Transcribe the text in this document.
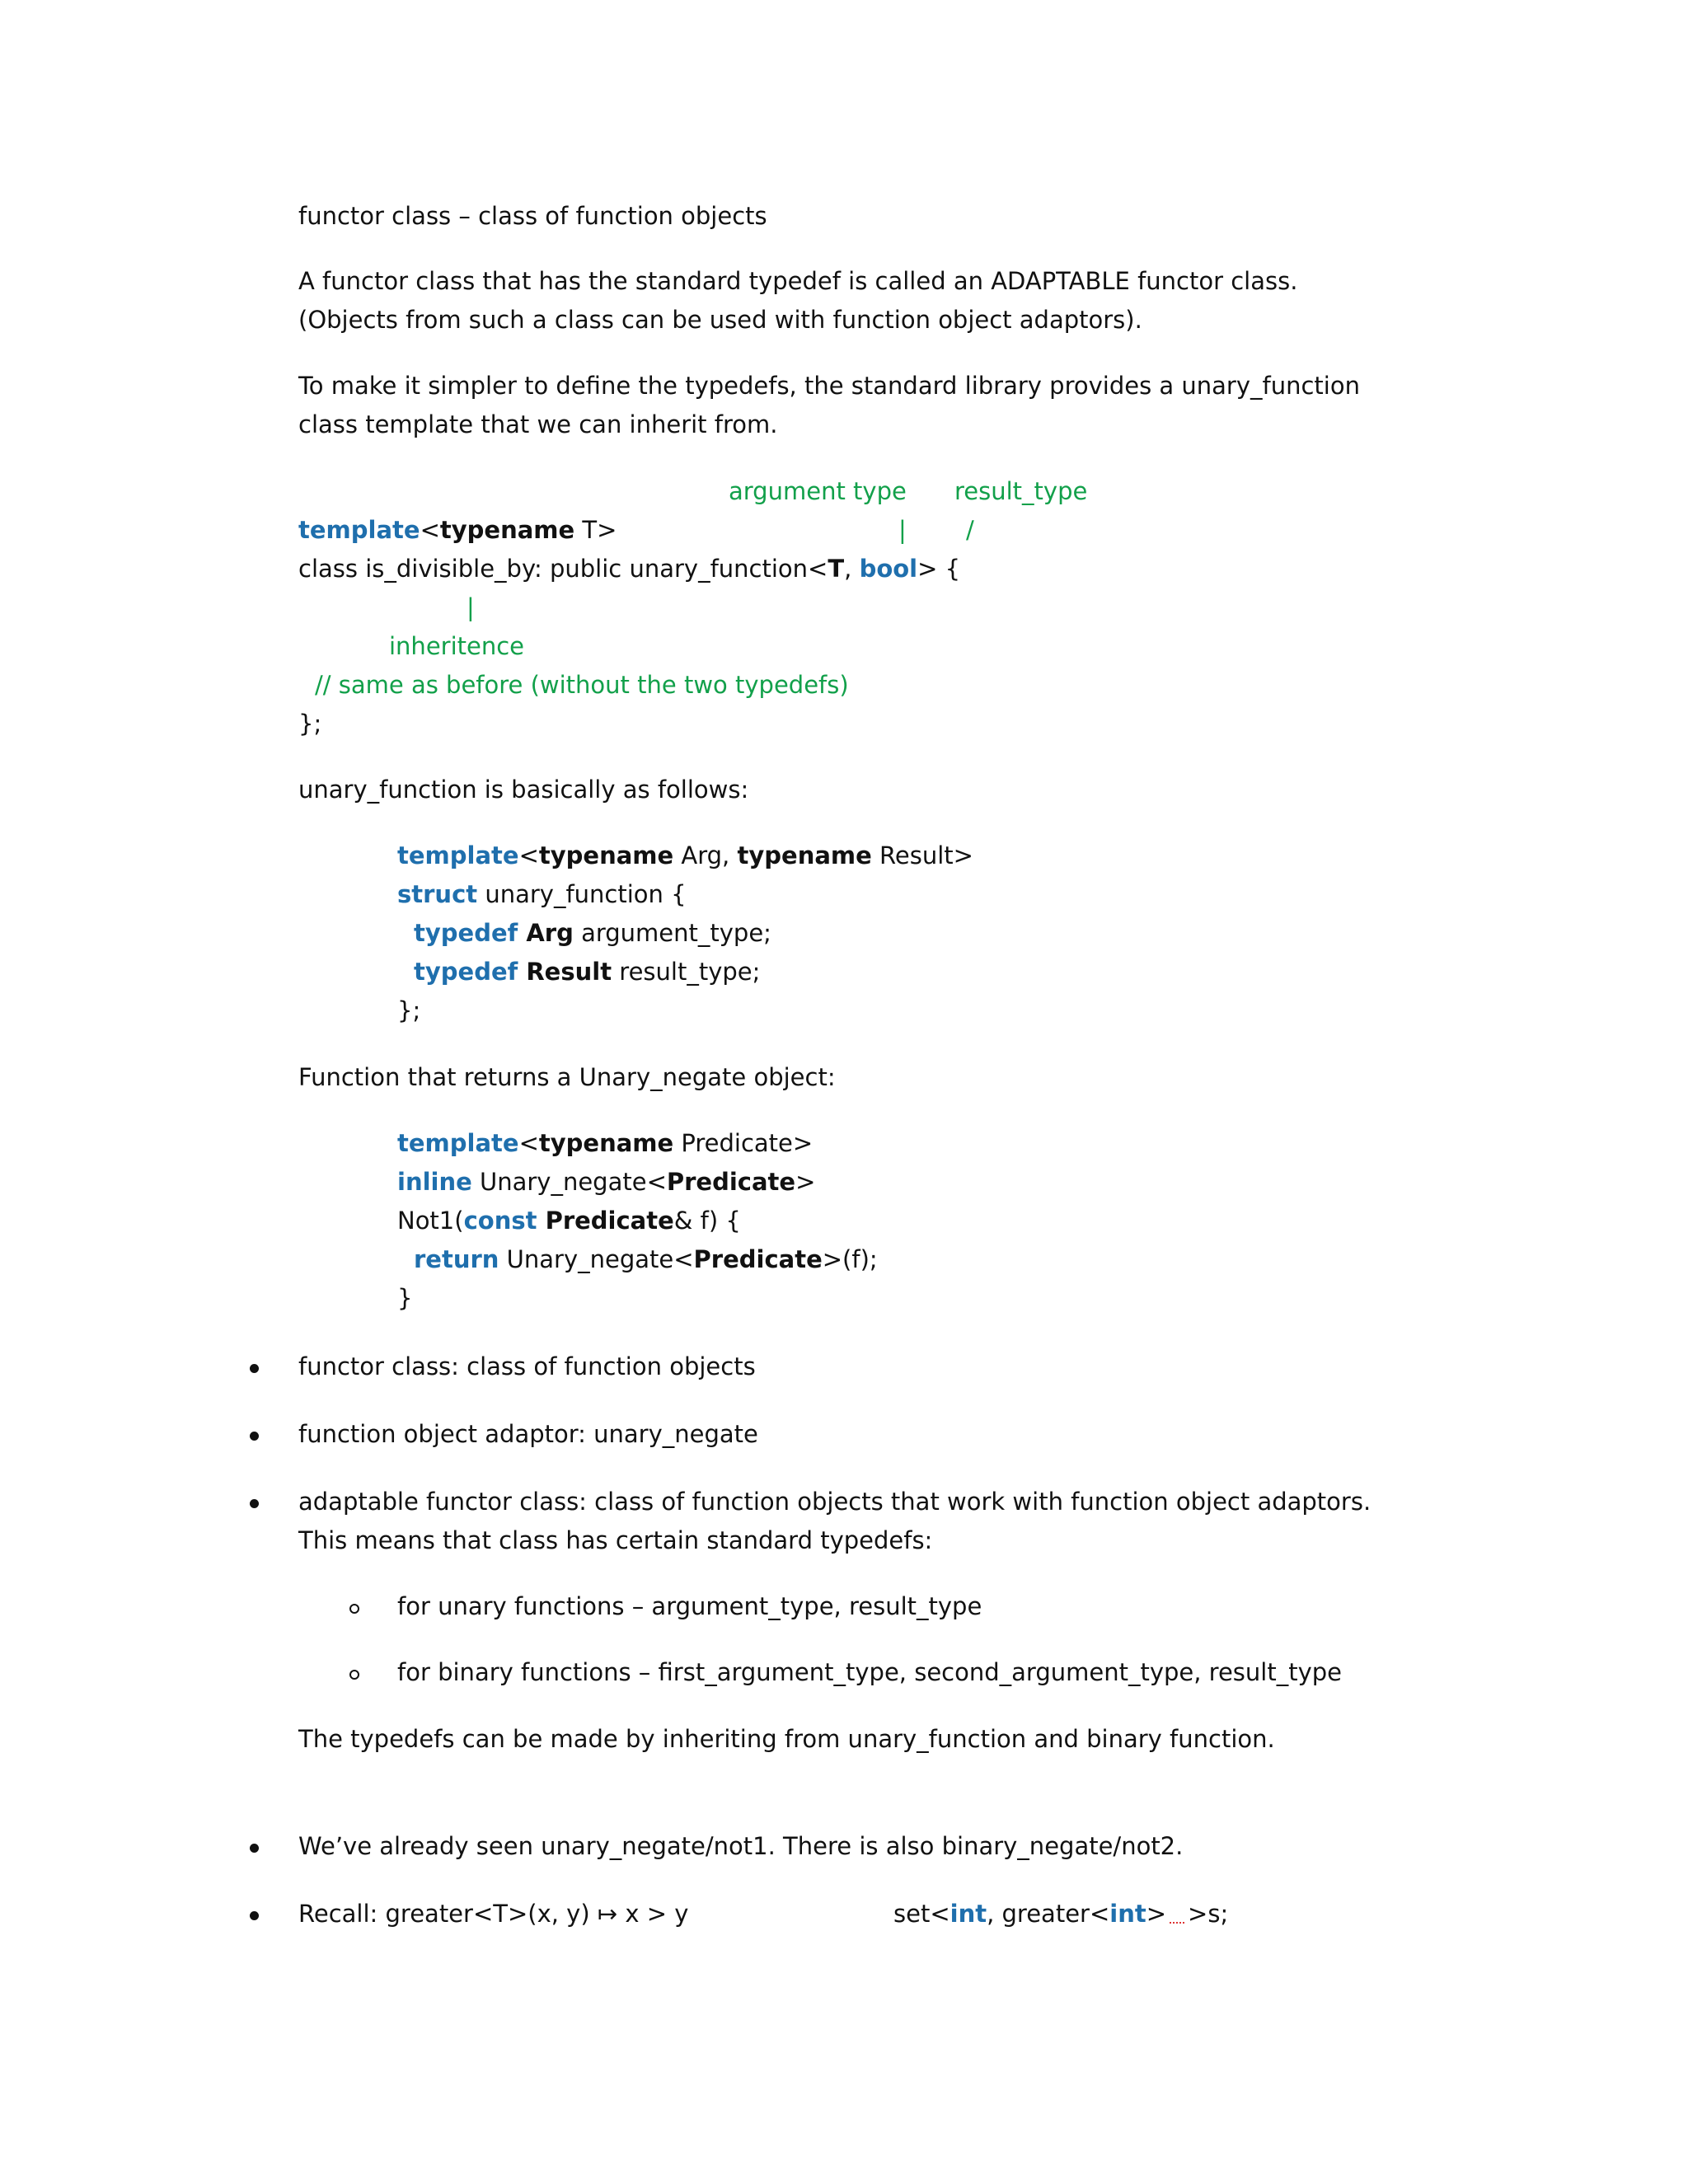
functor class – class of function objects
A functor class that has the standard typedef is called an ADAPTABLE functor class.
(Objects from such a class can be used with function object adaptors).
To make it simpler to define the typedefs, the standard library provides a unary_function
class template that we can inherit from.
argument type result_type
template<typename T>	| /
class is_divisible_by: public unary_function<T, bool> {
|
inheritence
// same as before (without the two typedefs)
};
unary_function is basically as follows:
template<typename Arg, typename Result>
struct unary_function {
typedef Arg argument_type;
typedef Result result_type;
};
Function that returns a Unary_negate object:
template<typename Predicate>
inline Unary_negate<Predicate>
Not1(const Predicate& f) {
return Unary_negate<Predicate>(f);
}
functor class: class of function objects
function object adaptor: unary_negate
adaptable functor class: class of function objects that work with function object adaptors.
This means that class has certain standard typedefs:
for unary functions – argument_type, result_type
for binary functions – first_argument_type, second_argument_type, result_type
The typedefs can be made by inheriting from unary_function and binary function.
We’ve already seen unary_negate/not1. There is also binary_negate/not2.
Recall: greater<T>(x, y) ↦ x > y	set<int, greater<int> >s;
